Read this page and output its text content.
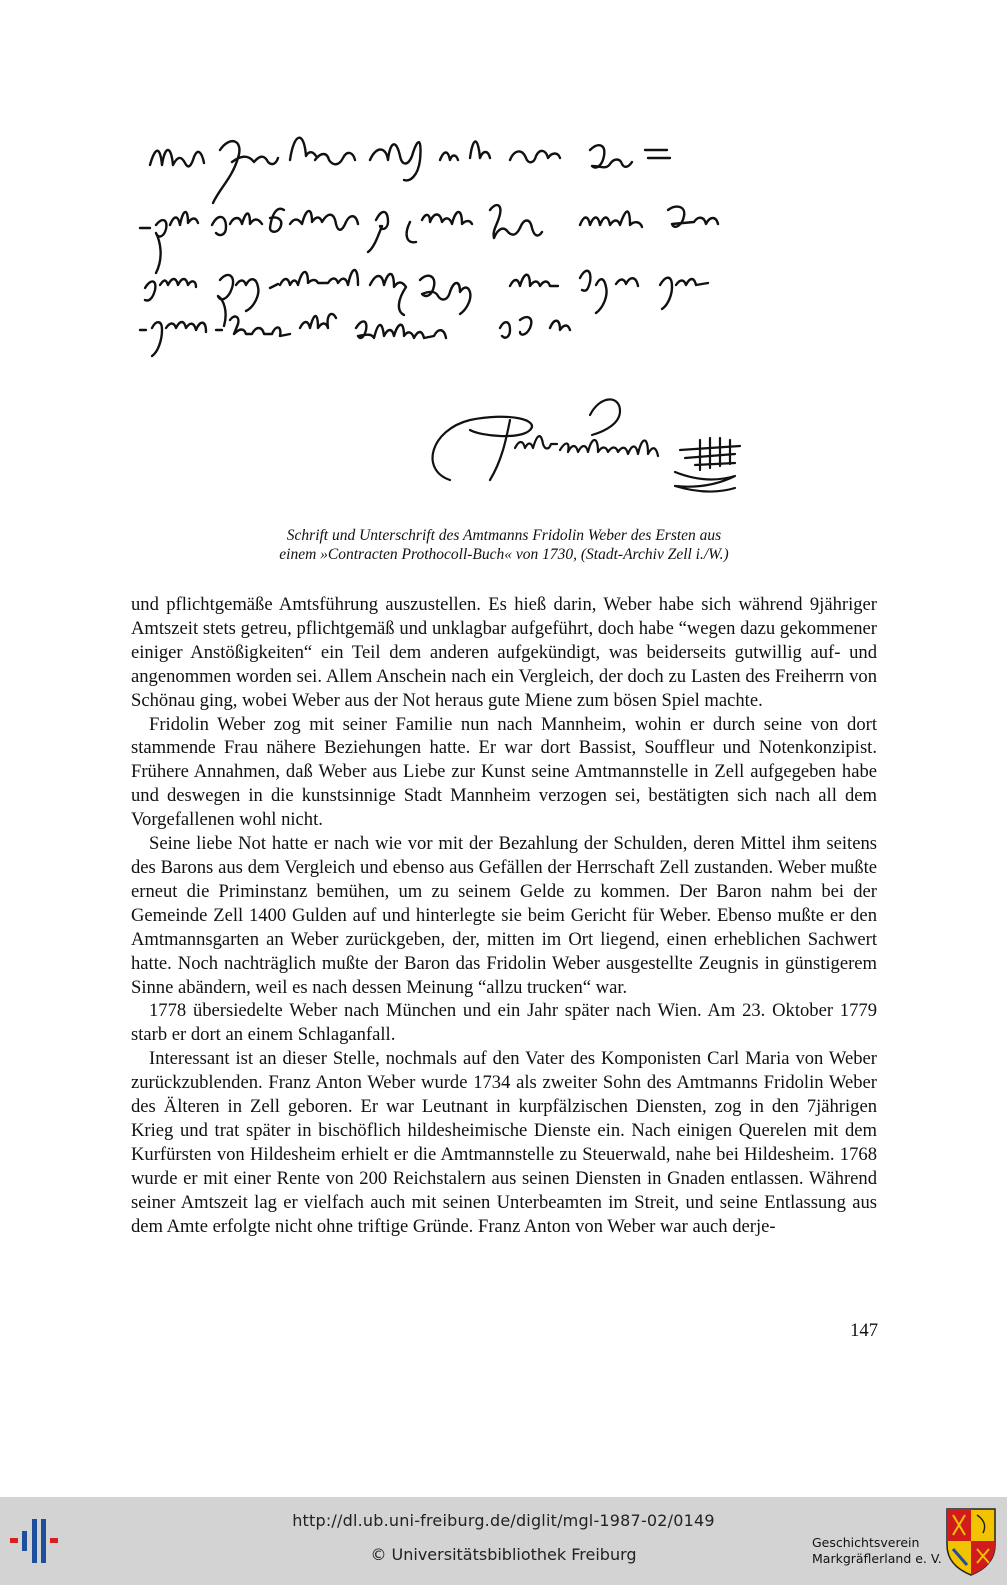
Schrift und Unterschrift des Amtmanns Fridolin Weber des Ersten aus
einem »Contracten Prothocoll-Buch« von 1730, (Stadt-Archiv Zell i./W.)

und pflichtgemäße Amtsführung auszustellen. Es hieß darin, Weber habe sich während 9jähriger Amtszeit stets getreu, pflichtgemäß und unklagbar aufgeführt, doch habe “wegen dazu gekommener einiger Anstößigkeiten“ ein Teil dem anderen aufgekündigt, was beiderseits gutwillig auf- und angenommen worden sei. Allem Anschein nach ein Vergleich, der doch zu Lasten des Freiherrn von Schönau ging, wobei Weber aus der Not heraus gute Miene zum bösen Spiel machte.

Fridolin Weber zog mit seiner Familie nun nach Mannheim, wohin er durch seine von dort stammende Frau nähere Beziehungen hatte. Er war dort Bassist, Souffleur und Notenkonzipist. Frühere Annahmen, daß Weber aus Liebe zur Kunst seine Amtmannstelle in Zell aufgegeben habe und deswegen in die kunstsinnige Stadt Mannheim verzogen sei, bestätigten sich nach all dem Vorgefallenen wohl nicht.

Seine liebe Not hatte er nach wie vor mit der Bezahlung der Schulden, deren Mittel ihm seitens des Barons aus dem Vergleich und ebenso aus Gefällen der Herrschaft Zell zustanden. Weber mußte erneut die Priminstanz bemühen, um zu seinem Gelde zu kommen. Der Baron nahm bei der Gemeinde Zell 1400 Gulden auf und hinterlegte sie beim Gericht für Weber. Ebenso mußte er den Amtmannsgarten an Weber zurückgeben, der, mitten im Ort liegend, einen erheblichen Sachwert hatte. Noch nachträglich mußte der Baron das Fridolin Weber ausgestellte Zeugnis in günstigerem Sinne abändern, weil es nach dessen Meinung “allzu trucken“ war.

1778 übersiedelte Weber nach München und ein Jahr später nach Wien. Am 23. Oktober 1779 starb er dort an einem Schlaganfall.

Interessant ist an dieser Stelle, nochmals auf den Vater des Komponisten Carl Maria von Weber zurückzublenden. Franz Anton Weber wurde 1734 als zweiter Sohn des Amtmanns Fridolin Weber des Älteren in Zell geboren. Er war Leutnant in kurpfälzischen Diensten, zog in den 7jährigen Krieg und trat später in bischöflich hildesheimische Dienste ein. Nach einigen Querelen mit dem Kurfürsten von Hildesheim erhielt er die Amtmannstelle zu Steuerwald, nahe bei Hildesheim. 1768 wurde er mit einer Rente von 200 Reichstalern aus seinen Diensten in Gnaden entlassen. Während seiner Amtszeit lag er vielfach auch mit seinen Unterbeamten im Streit, und seine Entlassung aus dem Amte erfolgte nicht ohne triftige Gründe. Franz Anton von Weber war auch derje-

147
http://dl.ub.uni-freiburg.de/diglit/mgl-1987-02/0149
© Universitätsbibliothek Freiburg
Geschichtsverein
Markgräflerland e. V.
